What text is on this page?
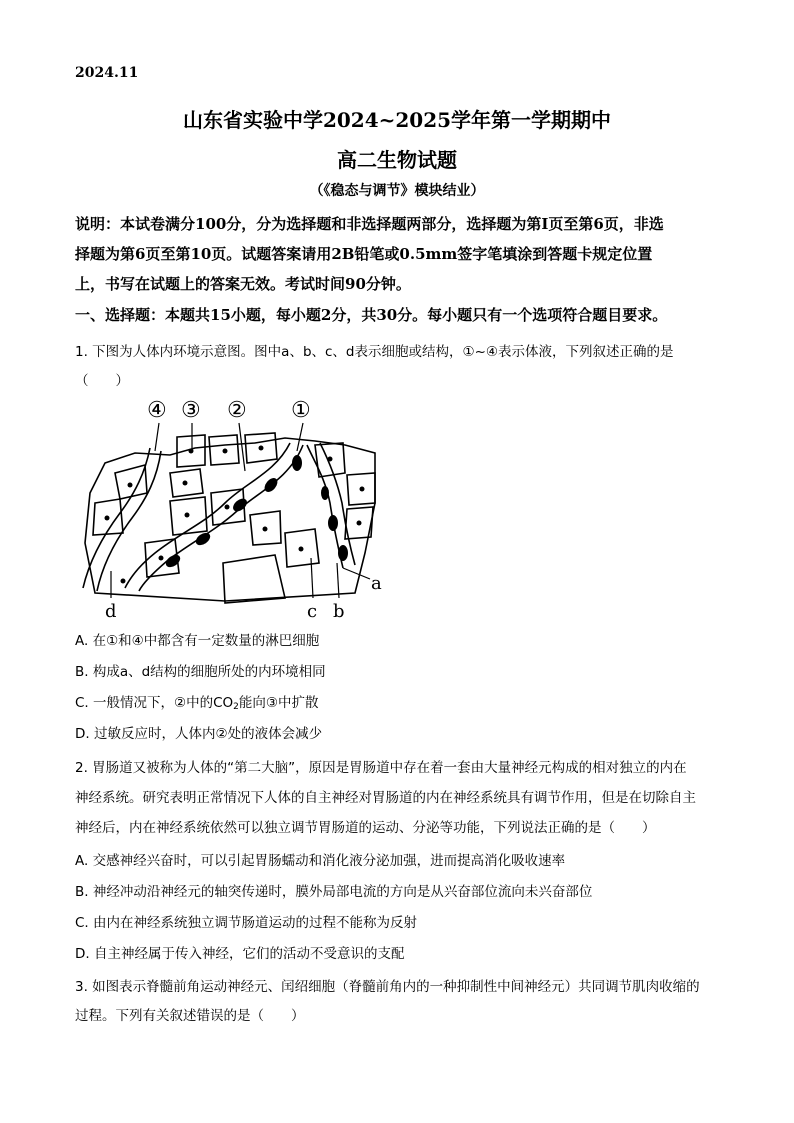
2024.11
山东省实验中学2024~2025学年第一学期期中
高二生物试题
（《稳态与调节》模块结业）
说明：本试卷满分100分，分为选择题和非选择题两部分，选择题为第Ⅰ页至第6页，非选
择题为第6页至第10页。试题答案请用2B铅笔或0.5mm签字笔填涂到答题卡规定位置
上，书写在试题上的答案无效。考试时间90分钟。
一、选择题：本题共15小题，每小题2分，共30分。每小题只有一个选项符合题目要求。
1. 下图为人体内环境示意图。图中a、b、c、d表示细胞或结构，①~④表示体液，下列叙述正确的是
（　　）
④ ③ ② ①
a
b
c
d
A. 在①和④中都含有一定数量的淋巴细胞
B. 构成a、d结构的细胞所处的内环境相同
C. 一般情况下，②中的$CO_2$能向③中扩散
D. 过敏反应时，人体内②处的液体会减少
2. 胃肠道又被称为人体的“第二大脑”，原因是胃肠道中存在着一套由大量神经元构成的相对独立的内在
神经系统。研究表明正常情况下人体的自主神经对胃肠道的内在神经系统具有调节作用，但是在切除自主
神经后，内在神经系统依然可以独立调节胃肠道的运动、分泌等功能，下列说法正确的是（　　）
A. 交感神经兴奋时，可以引起胃肠蠕动和消化液分泌加强，进而提高消化吸收速率
B. 神经冲动沿神经元的轴突传递时，膜外局部电流的方向是从兴奋部位流向未兴奋部位
C. 由内在神经系统独立调节肠道运动的过程不能称为反射
D. 自主神经属于传入神经，它们的活动不受意识的支配
3. 如图表示脊髓前角运动神经元、闰绍细胞（脊髓前角内的一种抑制性中间神经元）共同调节肌肉收缩的
过程。下列有关叙述错误的是（　　）
